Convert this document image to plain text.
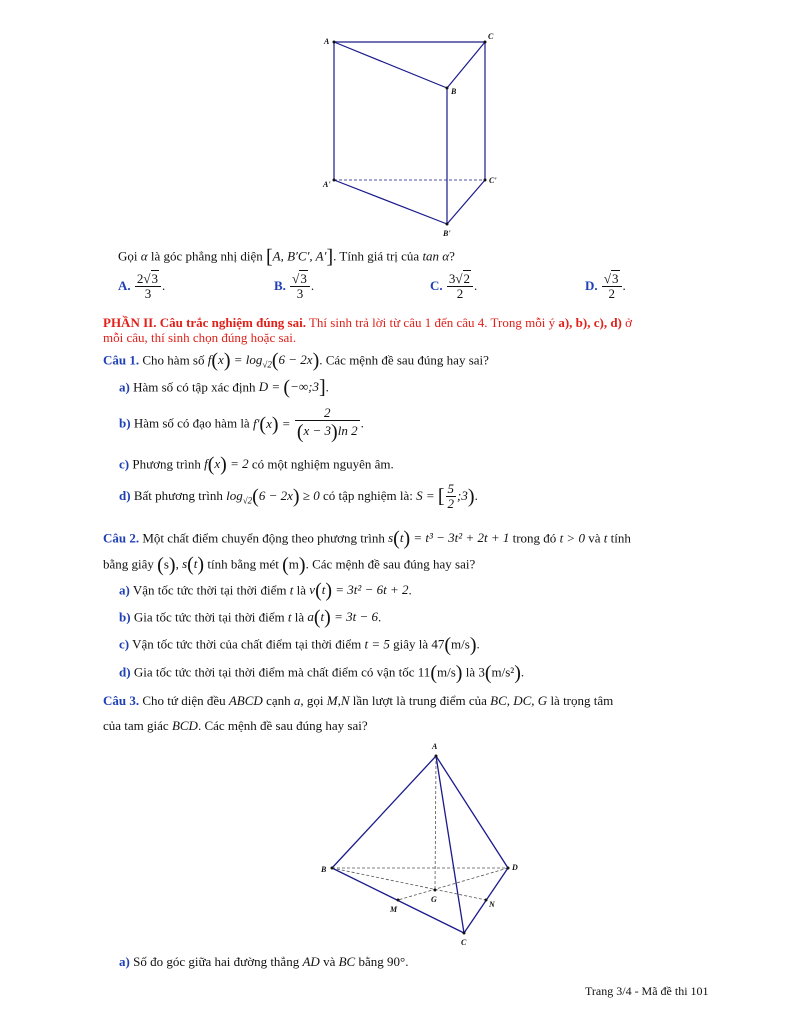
A
C
B
A'	C'
B'
Gọi α là góc phẳng nhị diện [A, B′C′, A′]. Tính giá trị của tan α?
A. $\frac{2√3}{3}$ .	B. $\frac{√3}{3}$ .	C. $\frac{3√2}{2}$ .	D. $\frac{√3}{2}$ .
PHẦN II. Câu trắc nghiệm đúng sai. Thí sinh trả lời từ câu 1 đến câu 4. Trong mỗi ý a), b), c), d) ở
mỗi câu, thí sinh chọn đúng hoặc sai.
Câu 1. Cho hàm số $f(x) = \log_{√2}(6 - 2x)$. Các mệnh đề sau đúng hay sai?
a) Hàm số có tập xác định D = (−∞;3].
b) Hàm số có đạo hàm là $f'(x) = \frac{2}{(x - 3)\ln 2}$ .
c) Phương trình f(x) = 2 có một nghiệm nguyên âm.
d) Bất phương trình $\log_{√2}(6 - 2x) \ge 0$ có tập nghiệm là: S = [ $\frac{5}{2}$ ;3).
Câu 2. Một chất điểm chuyển động theo phương trình s(t) = t³ − 3t² + 2t + 1 trong đó t > 0 và t tính
bằng giây (s), s(t) tính bằng mét (m). Các mệnh đề sau đúng hay sai?
a) Vận tốc tức thời tại thời điểm t là v(t) = 3t² − 6t + 2.
b) Gia tốc tức thời tại thời điểm t là a(t) = 3t − 6.
c) Vận tốc tức thời của chất điểm tại thời điểm t = 5 giây là 47(m/s).
d) Gia tốc tức thời tại thời điểm mà chất điểm có vận tốc 11(m/s) là 3(m/s²).
Câu 3. Cho tứ diện đều ABCD cạnh a, gọi M,N lần lượt là trung điểm của BC, DC, G là trọng tâm
của tam giác BCD. Các mệnh đề sau đúng hay sai?
A
B	D
C
G
M
N
a) Số đo góc giữa hai đường thẳng AD và BC bằng 90°.
Trang 3/4 - Mã đề thi 101
